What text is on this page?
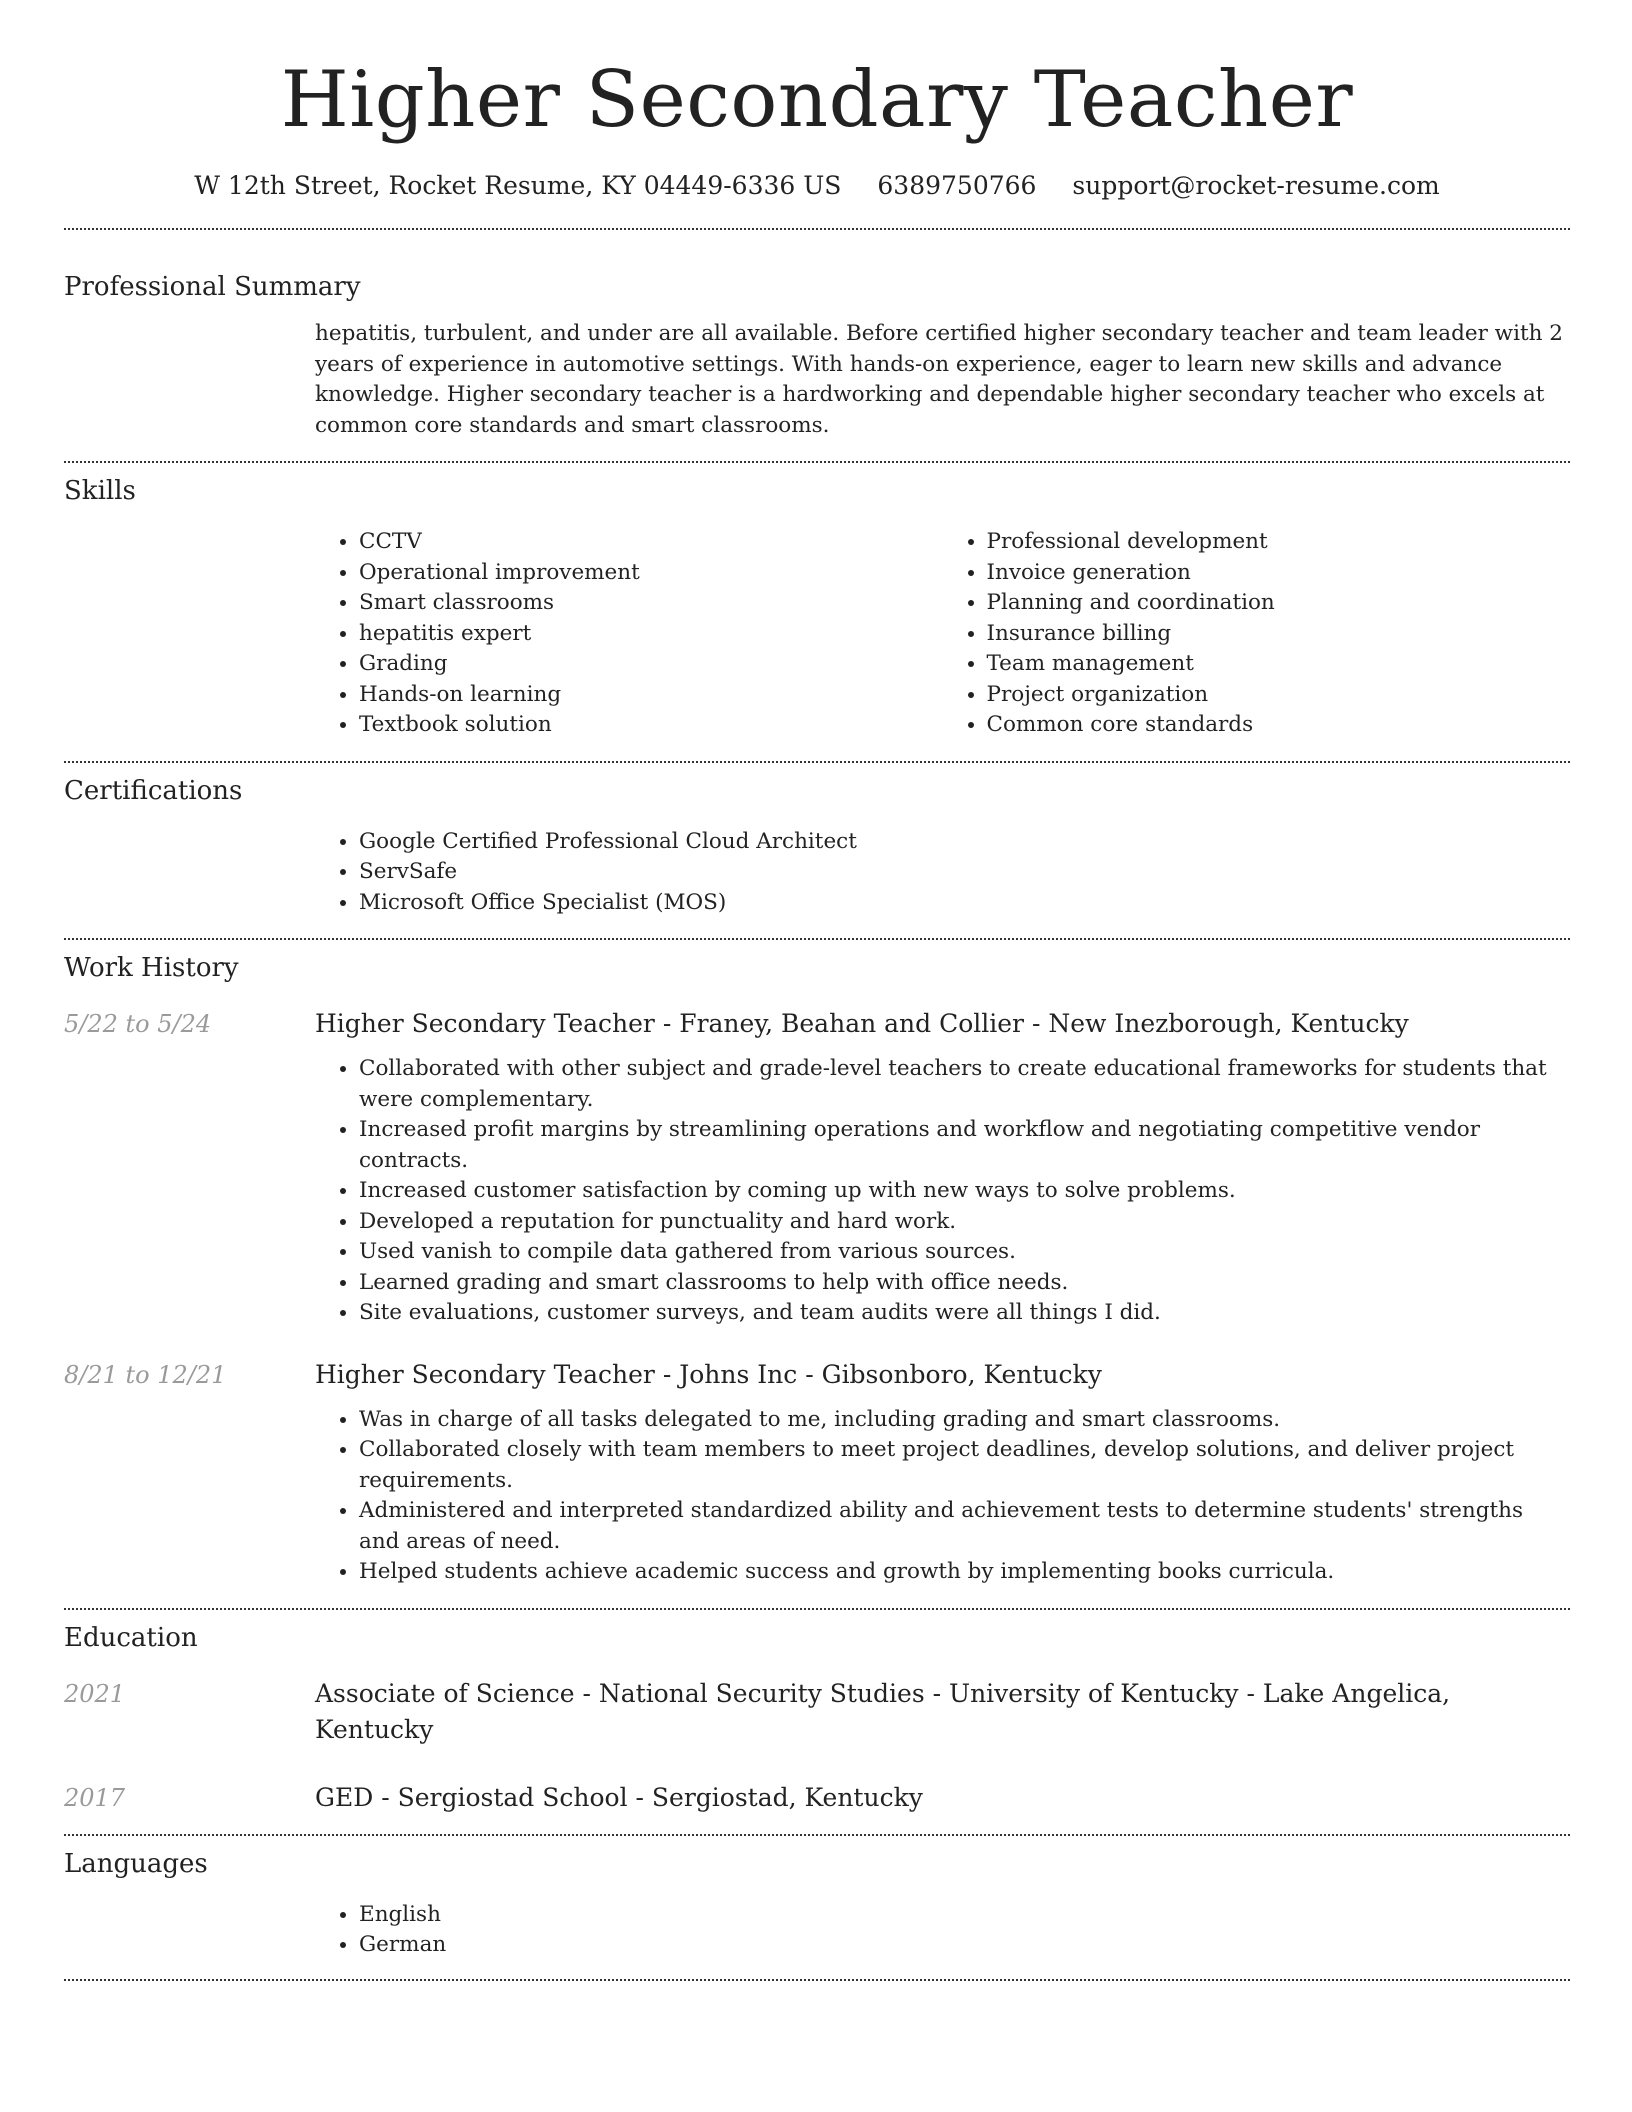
Higher Secondary Teacher
W 12th Street, Rocket Resume, KY 04449-6336 US 6389750766 support@rocket-resume.com
Professional Summary
hepatitis, turbulent, and under are all available. Before certified higher secondary teacher and team leader with 2 years of experience in automotive settings. With hands-on experience, eager to learn new skills and advance knowledge. Higher secondary teacher is a hardworking and dependable higher secondary teacher who excels at common core standards and smart classrooms.
Skills
• CCTV
• Operational improvement
• Smart classrooms
• hepatitis expert
• Grading
• Hands-on learning
• Textbook solution
• Professional development
• Invoice generation
• Planning and coordination
• Insurance billing
• Team management
• Project organization
• Common core standards
Certifications
• Google Certified Professional Cloud Architect
• ServSafe
• Microsoft Office Specialist (MOS)
Work History
5/22 to 5/24	Higher Secondary Teacher - Franey, Beahan and Collier - New Inezborough, Kentucky
• Collaborated with other subject and grade-level teachers to create educational frameworks for students that were complementary.
• Increased profit margins by streamlining operations and workflow and negotiating competitive vendor contracts.
• Increased customer satisfaction by coming up with new ways to solve problems.
• Developed a reputation for punctuality and hard work.
• Used vanish to compile data gathered from various sources.
• Learned grading and smart classrooms to help with office needs.
• Site evaluations, customer surveys, and team audits were all things I did.
8/21 to 12/21	Higher Secondary Teacher - Johns Inc - Gibsonboro, Kentucky
• Was in charge of all tasks delegated to me, including grading and smart classrooms.
• Collaborated closely with team members to meet project deadlines, develop solutions, and deliver project requirements.
• Administered and interpreted standardized ability and achievement tests to determine students' strengths and areas of need.
• Helped students achieve academic success and growth by implementing books curricula.
Education
2021	Associate of Science - National Security Studies - University of Kentucky - Lake Angelica, Kentucky
2017	GED - Sergiostad School - Sergiostad, Kentucky
Languages
• English
• German
